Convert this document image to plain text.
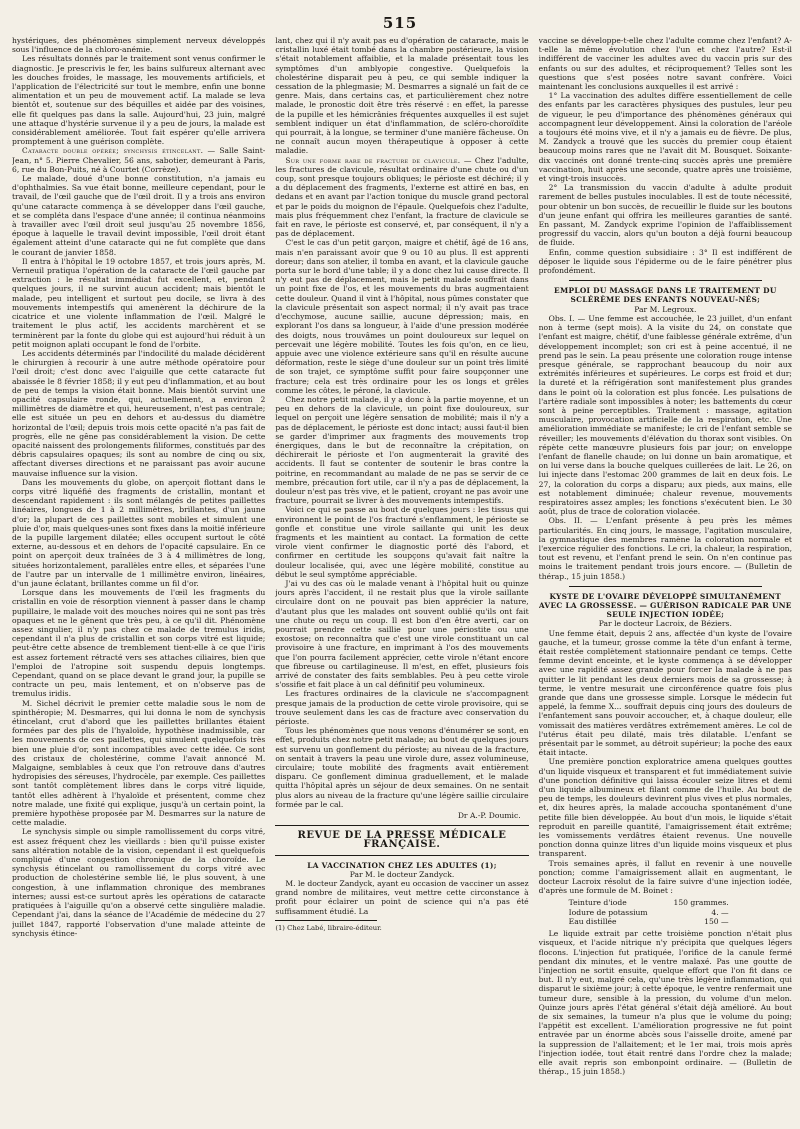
515

hystériques, des phénomènes simplement nerveux développés sous l'influence de la chloro-anémie.

Les résultats donnés par le traitement sont venus confirmer le diagnostic. Je prescrivis le fer, les bains sulfureux alternant avec les douches froides, le massage, les mouvements artificiels, et l'application de l'électricité sur tout le membre, enfin une bonne alimentation et un peu de mouvement actif. La malade se leva bientôt et, soutenue sur des béquilles et aidée par des voisines, elle fit quelques pas dans la salle. Aujourd'hui, 23 juin, malgré une attaque d'hystérie survenue il y a peu de jours, la malade est considérablement améliorée. Tout fait espérer qu'elle arrivera promptement à une guérison complète.

Cataracte double opérée; synchysis étincelant. — Salle Saint-Jean, n° 5. Pierre Chevalier, 56 ans, sabotier, demeurant à Paris, 6, rue du Bon-Puits, né à Courtet (Corrèze).

Le malade, doué d'une bonne constitution, n'a jamais eu d'ophthalmies. Sa vue était bonne, meilleure cependant, pour le travail, de l'œil gauche que de l'œil droit. Il y a trois ans environ qu'une cataracte commença à se développer dans l'œil gauche, et se compléta dans l'espace d'une année; il continua néanmoins à travailler avec l'œil droit seul jusqu'au 25 novembre 1856, époque à laquelle le travail devint impossible, l'œil droit étant également atteint d'une cataracte qui ne fut complète que dans le courant de janvier 1858.

Il entra à l'hôpital le 19 octobre 1857, et trois jours après, M. Verneuil pratiqua l'opération de la cataracte de l'œil gauche par extraction : le résultat immédiat fut excellent, et, pendant quelques jours, il ne survint aucun accident; mais bientôt le malade, peu intelligent et surtout peu docile, se livra à des mouvements intempestifs qui amenèrent la déchirure de la cicatrice et une violente inflammation de l'œil. Malgré le traitement le plus actif, les accidents marchèrent et se terminèrent par la fonte du globe qui est aujourd'hui réduit à un petit moignon aplati occupant le fond de l'orbite.

Les accidents déterminés par l'indocilité du malade décidèrent le chirurgien à recourir à une autre méthode opératoire pour l'œil droit; c'est donc avec l'aiguille que cette cataracte fut abaissée le 8 février 1858; il y eut peu d'inflammation, et au bout de peu de temps la vision était bonne. Mais bientôt survint une opacité capsulaire ronde, qui, actuellement, a environ 2 millimètres de diamètre et qui, heureusement, n'est pas centrale; elle est située un peu en dehors et au-dessus du diamètre horizontal de l'œil; depuis trois mois cette opacité n'a pas fait de progrès, elle ne gêne pas considérablement la vision. De cette opacité naissent des prolongements filiformes, constitués par des débris capsulaires opaques; ils sont au nombre de cinq ou six, affectant diverses directions et ne paraissant pas avoir aucune mauvaise influence sur la vision.

Dans les mouvements du globe, on aperçoit flottant dans le corps vitré liquéfié des fragments de cristallin, montant et descendant rapidement : ils sont mélangés de petites paillettes linéaires, longues de 1 à 2 millimètres, brillantes, d'un jaune d'or; la plupart de ces paillettes sont mobiles et simulent une pluie d'or, mais quelques-unes sont fixes dans la moitié inférieure de la pupille largement dilatée; elles occupent surtout le côté externe, au-dessous et en dehors de l'opacité capsulaire. En ce point on aperçoit deux traînées de 3 à 4 millimètres de long, situées horizontalement, parallèles entre elles, et séparées l'une de l'autre par un intervalle de 1 millimètre environ, linéaires, d'un jaune éclatant, brillantes comme un fil d'or.

Lorsque dans les mouvements de l'œil les fragments du cristallin en voie de résorption viennent à passer dans le champ pupillaire, le malade voit des mouches noires qui ne sont pas très opaques et ne le gênent que très peu, à ce qu'il dit. Phénomène assez singulier, il n'y pas chez ce malade de tremulus iridis, cependant il n'a plus de cristallin et son corps vitré est liquide; peut-être cette absence de tremblement tient-elle à ce que l'iris est assez fortement rétracté vers ses attaches ciliaires, bien que l'emploi de l'atropine soit suspendu depuis longtemps. Cependant, quand on se place devant le grand jour, la pupille se contracte un peu, mais lentement, et on n'observe pas de tremulus iridis.

M. Sichel décrivit le premier cette maladie sous le nom de spinthéropie; M. Desmarres, qui lui donna le nom de synchysis étincelant, crut d'abord que les paillettes brillantes étaient formées par des plis de l'hyaloïde, hypothèse inadmissible, car les mouvements de ces paillettes, qui simulent quelquefois très bien une pluie d'or, sont incompatibles avec cette idée. Ce sont des cristaux de cholestérine, comme l'avait annoncé M. Malgaigne, semblables à ceux que l'on retrouve dans d'autres hydropisies des séreuses, l'hydrocèle, par exemple. Ces paillettes sont tantôt complètement libres dans le corps vitré liquide, tantôt elles adhèrent à l'hyaloïde et présentent, comme chez notre malade, une fixité qui explique, jusqu'à un certain point, la première hypothèse proposée par M. Desmarres sur la nature de cette maladie.

Le synchysis simple ou simple ramollissement du corps vitré, est assez fréquent chez les vieillards : bien qu'il puisse exister sans altération notable de la vision, cependant il est quelquefois compliqué d'une congestion chronique de la choroïde. Le synchysis étincelant ou ramollissement du corps vitré avec production de cholestérine semble lié, le plus souvent, à une congestion, à une inflammation chronique des membranes internes; aussi est-ce surtout après les opérations de cataracte pratiquées à l'aiguille qu'on a observé cette singulière maladie. Cependant j'ai, dans la séance de l'Académie de médecine du 27 juillet 1847, rapporté l'observation d'une malade atteinte de synchysis étince-

lant, chez qui il n'y avait pas eu d'opération de cataracte, mais le cristallin luxé était tombé dans la chambre postérieure, la vision s'était notablement affaiblie, et la malade présentait tous les symptômes d'un amblyopie congestive. Quelquefois la cholestérine disparait peu à peu, ce qui semble indiquer la cessation de la phlegmasie; M. Desmarres a signalé un fait de ce genre. Mais, dans certains cas, et particulièrement chez notre malade, le pronostic doit être très réservé : en effet, la paresse de la pupille et les hémicrânies fréquentes auxquelles il est sujet semblent indiquer un état d'inflammation, de scléro-choroïdite qui pourrait, à la longue, se terminer d'une manière fâcheuse. On ne connaît aucun moyen thérapeutique à opposer à cette maladie.

Sur une forme rare de fracture de clavicule. — Chez l'adulte, les fractures de clavicule, résultat ordinaire d'une chute ou d'un coup, sont presque toujours obliques; le périoste est déchiré; il y a du déplacement des fragments, l'externe est attiré en bas, en dedans et en avant par l'action tonique du muscle grand pectoral et par le poids du moignon de l'épaule. Quelquefois chez l'adulte, mais plus fréquemment chez l'enfant, la fracture de clavicule se fait en rave, le périoste est conservé, et, par conséquent, il n'y a pas de déplacement.

C'est le cas d'un petit garçon, maigre et chétif, âgé de 16 ans, mais n'en paraissant avoir que 9 ou 10 au plus. Il est apprenti doreur; dans son atelier, il tomba en avant, et la clavicule gauche porta sur le bord d'une table; il y a donc chez lui cause directe. Il n'y eut pas de déplacement, mais le petit malade souffrait dans un point fixe de l'os, et les mouvements du bras augmentaient cette douleur. Quand il vint à l'hôpital, nous pûmes constater que la clavicule présentait son aspect normal; il n'y avait pas trace d'ecchymose, aucune saillie, aucune dépression; mais, en explorant l'os dans sa longueur, à l'aide d'une pression modérée des doigts, nous trouvâmes un point douloureux sur lequel on percevait une légère mobilité. Toutes les fois qu'on, en ce lieu, appuie avec une violence extérieure sans qu'il en résulte aucune déformation, reste le siège d'une douleur sur un point très limité de son trajet, ce symptôme suffit pour faire soupçonner une fracture; cela est très ordinaire pour les os longs et grêles comme les côtes, le péroné, la clavicule.

Chez notre petit malade, il y a donc à la partie moyenne, et un peu en dehors de la clavicule, un point fixe douloureux, sur lequel on perçoit une légère sensation de mobilité; mais il n'y a pas de déplacement, le périoste est donc intact; aussi faut-il bien se garder d'imprimer aux fragments des mouvements trop énergiques, dans le but de reconnaître la crépitation, on déchirerait le périoste et l'on augmenterait la gravité des accidents. Il faut se contenter de soutenir le bras contre la poitrine, en recommandant au malade de ne pas se servir de ce membre, précaution fort utile, car il n'y a pas de déplacement, la douleur n'est pas très vive, et le patient, croyant ne pas avoir une fracture, pourrait se livrer à des mouvements intempestifs.

Voici ce qui se passe au bout de quelques jours : les tissus qui environnent le point de l'os fracturé s'enflamment, le périoste se gonfle et constitue une virole saillante qui unit les deux fragments et les maintient au contact. La formation de cette virole vient confirmer le diagnostic porté dès l'abord, et confirmer en certitude les soupçons qu'avait fait naître la douleur localisée, qui, avec une légère mobilité, constitue au début le seul symptôme appréciable.

J'ai vu des cas où le malade venant à l'hôpital huit ou quinze jours après l'accident, il ne restait plus que la virole saillante circulaire dont on ne pouvait pas bien apprécier la nature, d'autant plus que les malades ont souvent oublié qu'ils ont fait une chute ou reçu un coup. Il est bon d'en être averti, car on pourrait prendre cette saillie pour une périostite ou une exostose; on reconnaîtra que c'est une virole constituant un cal provisoire à une fracture, en imprimant à l'os des mouvements que l'on pourra facilement apprécier, cette virole n'étant encore que fibreuse ou cartilagineuse. Il m'est, en effet, plusieurs fois arrivé de constater des faits semblables. Peu à peu cette virole s'ossifie et fait place à un cal définitif peu volumineux.

Les fractures ordinaires de la clavicule ne s'accompagnent presque jamais de la production de cette virole provisoire, qui se trouve seulement dans les cas de fracture avec conservation du périoste.

Tous les phénomènes que nous venons d'énumérer se sont, en effet, produits chez notre petit malade; au bout de quelques jours est survenu un gonflement du périoste; au niveau de la fracture, on sentait à travers la peau une virole dure, assez volumineuse, circulaire; toute mobilité des fragments avait entièrement disparu. Ce gonflement diminua graduellement, et le malade quitta l'hôpital après un séjour de deux semaines. On ne sentait plus alors au niveau de la fracture qu'une légère saillie circulaire formée par le cal.

Dr A.-P. Doumic.
REVUE DE LA PRESSE MÉDICALE FRANÇAISE.

LA VACCINATION CHEZ LES ADULTES (1);

Par M. le docteur Zandyck.

M. le docteur Zandyck, ayant eu occasion de vacciner un assez grand nombre de militaires, veut mettre cette circonstance à profit pour éclairer un point de science qui n'a pas été suffisamment étudié. La

(1) Chez Labé, libraire-éditeur.

vaccine se développe-t-elle chez l'adulte comme chez l'enfant? A-t-elle la même évolution chez l'un et chez l'autre? Est-il indifférent de vacciner les adultes avec du vaccin pris sur des enfants ou sur des adultes, et réciproquement? Telles sont les questions que s'est posées notre savant confrère. Voici maintenant les conclusions auxquelles il est arrivé :

1° La vaccination des adultes diffère essentiellement de celle des enfants par les caractères physiques des pustules, leur peu de vigueur, le peu d'importance des phénomènes généraux qui accompagnent leur développement. Ainsi la coloration de l'aréole a toujours été moins vive, et il n'y a jamais eu de fièvre. De plus, M. Zandyck a trouvé que les succès du premier coup étaient beaucoup moins rares que ne l'avait dit M. Bousquet. Soixante-dix vaccinés ont donné trente-cinq succès après une première vaccination, huit après une seconde, quatre après une troisième, et vingt-trois insuccès.

2° La transmission du vaccin d'adulte à adulte produit rarement de belles pustules inoculables. Il est de toute nécessité, pour obtenir un bon succès, de recueillir le fluide sur les boutons d'un jeune enfant qui offrira les meilleures garanties de santé. En passant, M. Zandyck exprime l'opinion de l'affaiblissement progressif du vaccin, alors qu'un bouton a déjà fourni beaucoup de fluide.

Enfin, comme question subsidiaire : 3° Il est indifférent de déposer le liquide sous l'épiderme ou de le faire pénétrer plus profondément.

EMPLOI DU MASSAGE DANS LE TRAITEMENT DU SCLÉRÈME DES ENFANTS NOUVEAU-NÉS;

Par M. Legroux.

Obs. I. — Une femme est accouchée, le 23 juillet, d'un enfant non à terme (sept mois). A la visite du 24, on constate que l'enfant est maigre, chétif, d'une faiblesse générale extrême, d'un développement incomplet; son cri est à peine accentué, il ne prend pas le sein. La peau présente une coloration rouge intense presque générale, se rapprochant beaucoup du noir aux extrémités inférieures et supérieures. Le corps est froid et dur; la dureté et la réfrigération sont manifestement plus grandes dans le point où la coloration est plus foncée. Les pulsations de l'artère radiale sont impossibles à noter; les battements du cœur sont à peine perceptibles. Traitement : massage, agitation musculaire, provocation artificielle de la respiration, etc. Une amélioration immédiate se manifeste; le cri de l'enfant semble se réveiller; les mouvements d'élévation du thorax sont visibles. On répète cette manœuvre plusieurs fois par jour; on enveloppe l'enfant de flanelle chaude; on lui donne un bain aromatique, et on lui verse dans la bouche quelques cuillerées de lait. Le 26, on lui injecte dans l'estomac 200 grammes de lait en deux fois. Le 27, la coloration du corps a disparu; aux pieds, aux mains, elle est notablement diminuée; chaleur revenue, mouvements respiratoires assez amples; les fonctions s'exécutent bien. Le 30 août, plus de trace de coloration violacée.

Obs. II. — L'enfant présente à peu près les mêmes particularités. En cinq jours, le massage, l'agitation musculaire, la gymnastique des membres ramène la coloration normale et l'exercice régulier des fonctions. Le cri, la chaleur, la respiration, tout est revenu, et l'enfant prend le sein. On n'en continue pas moins le traitement pendant trois jours encore. — (Bulletin de thérap., 15 juin 1858.)

KYSTE DE L'OVAIRE DÉVELOPPÉ SIMULTANÉMENT AVEC LA GROSSESSE. — GUÉRISON RADICALE PAR UNE SEULE INJECTION IODÉE;

Par le docteur Lacroix, de Béziers.

Une femme était, depuis 2 ans, affectée d'un kyste de l'ovaire gauche, et la tumeur, grosse comme la tête d'un enfant à terme, était restée complètement stationnaire pendant ce temps. Cette femme devint enceinte, et le kyste commença à se développer avec une rapidité assez grande pour forcer la malade à ne pas quitter le lit pendant les deux derniers mois de sa grossesse; à terme, le ventre mesurait une circonférence quatre fois plus grande que dans une grossesse simple. Lorsque le médecin fut appelé, la femme X... souffrait depuis cinq jours des douleurs de l'enfantement sans pouvoir accoucher, et, à chaque douleur, elle vomissait des matières verdâtres extrêmement amères. Le col de l'utérus était peu dilaté, mais très dilatable. L'enfant se présentait par le sommet, au détroit supérieur; la poche des eaux était intacte.

Une première ponction exploratrice amena quelques gouttes d'un liquide visqueux et transparent et fut immédiatement suivie d'une ponction définitive qui laissa écouler seize litres et demi d'un liquide albumineux et filant comme de l'huile. Au bout de peu de temps, les douleurs devinrent plus vives et plus normales, et, dix heures après, la malade accoucha spontanément d'une petite fille bien développée. Au bout d'un mois, le liquide s'était reproduit en pareille quantité, l'amaigrissement était extrême; les vomissements verdâtres étaient revenus. Une nouvelle ponction donna quinze litres d'un liquide moins visqueux et plus transparent.

Trois semaines après, il fallut en revenir à une nouvelle ponction; comme l'amaigrissement allait en augmentant, le docteur Lacroix résolut de la faire suivre d'une injection iodée, d'après une formule de M. Boinet :

Teinture d'iode	150 grammes.
Iodure de potassium	4. —
Eau distillée	150 —

Le liquide extrait par cette troisième ponction n'était plus visqueux, et l'acide nitrique n'y précipita que quelques légers flocons. L'injection fut pratiquée, l'orifice de la canule fermé pendant dix minutes, et le ventre malaxé. Pas une goutte de l'injection ne sortit ensuite, quelque effort que l'on fit dans ce but. Il n'y eut, malgré cela, qu'une très légère inflammation, qui disparut le sixième jour; à cette époque, le ventre renfermait une tumeur dure, sensible à la pression, du volume d'un melon. Quinze jours après l'état général s'était déjà amélioré. Au bout de six semaines, la tumeur n'a plus que le volume du poing; l'appétit est excellent. L'amélioration progressive ne fut point entravée par un énorme abcès sous l'aisselle droite, amené par la suppression de l'allaitement; et le 1er mai, trois mois après l'injection iodée, tout était rentré dans l'ordre chez la malade; elle avait repris son embonpoint ordinaire. — (Bulletin de thérap., 15 juin 1858.)
